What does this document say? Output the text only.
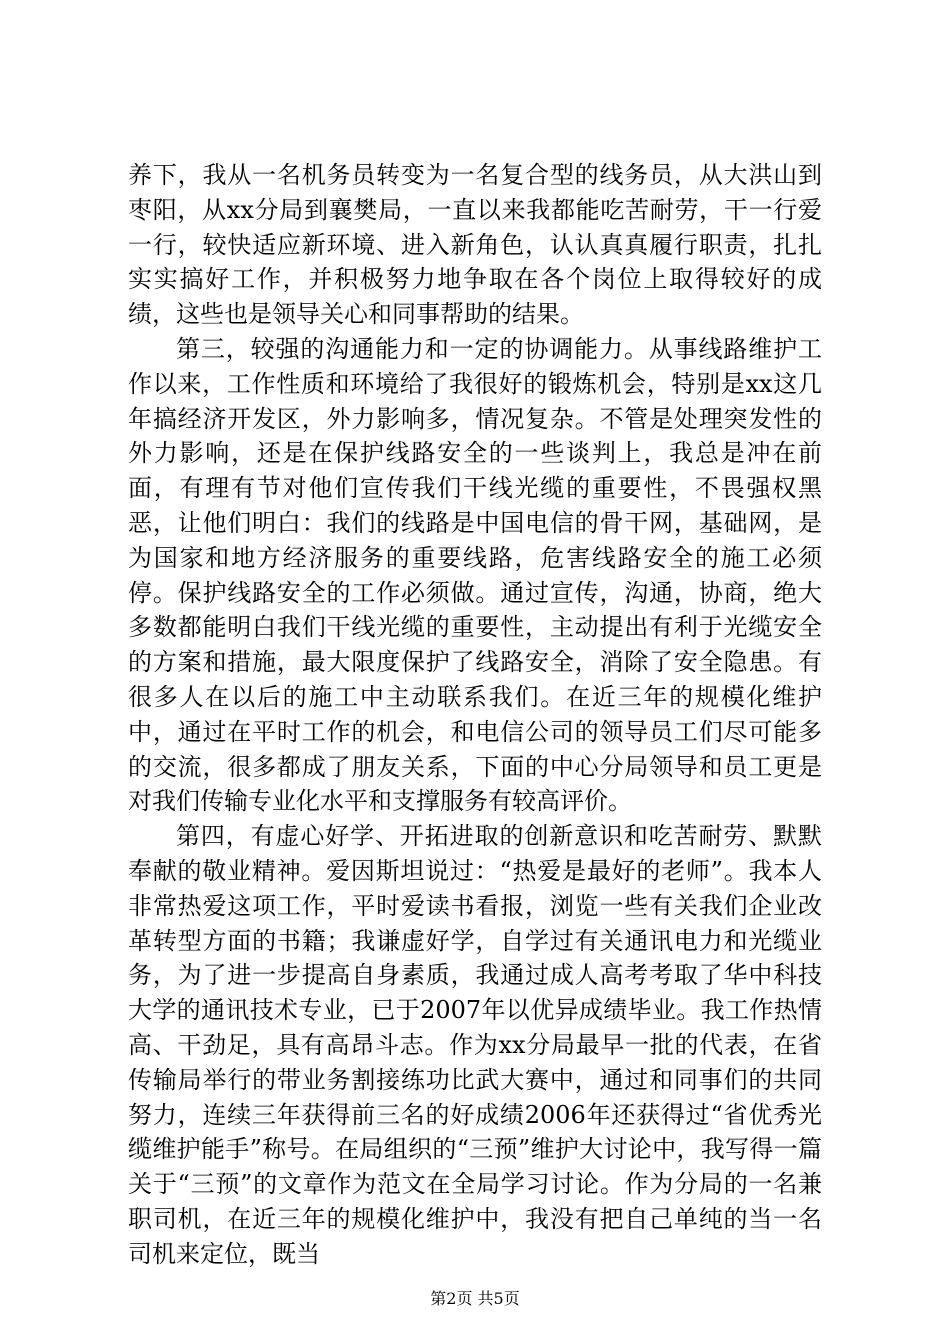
养下，我从一名机务员转变为一名复合型的线务员，从大洪山到枣阳，从xx分局到襄樊局，一直以来我都能吃苦耐劳，干一行爱一行，较快适应新环境、进入新角色，认认真真履行职责，扎扎实实搞好工作，并积极努力地争取在各个岗位上取得较好的成绩，这些也是领导关心和同事帮助的结果。

第三，较强的沟通能力和一定的协调能力。从事线路维护工作以来，工作性质和环境给了我很好的锻炼机会，特别是xx这几年搞经济开发区，外力影响多，情况复杂。不管是处理突发性的外力影响，还是在保护线路安全的一些谈判上，我总是冲在前面，有理有节对他们宣传我们干线光缆的重要性，不畏强权黑恶，让他们明白：我们的线路是中国电信的骨干网，基础网，是为国家和地方经济服务的重要线路，危害线路安全的施工必须停。保护线路安全的工作必须做。通过宣传，沟通，协商，绝大多数都能明白我们干线光缆的重要性，主动提出有利于光缆安全的方案和措施，最大限度保护了线路安全，消除了安全隐患。有很多人在以后的施工中主动联系我们。在近三年的规模化维护中，通过在平时工作的机会，和电信公司的领导员工们尽可能多的交流，很多都成了朋友关系，下面的中心分局领导和员工更是对我们传输专业化水平和支撑服务有较高评价。

第四，有虚心好学、开拓进取的创新意识和吃苦耐劳、默默奉献的敬业精神。爱因斯坦说过：“热爱是最好的老师”。我本人非常热爱这项工作，平时爱读书看报，浏览一些有关我们企业改革转型方面的书籍；我谦虚好学，自学过有关通讯电力和光缆业务，为了进一步提高自身素质，我通过成人高考考取了华中科技大学的通讯技术专业，已于2007年以优异成绩毕业。我工作热情高、干劲足，具有高昂斗志。作为xx分局最早一批的代表，在省传输局举行的带业务割接练功比武大赛中，通过和同事们的共同努力，连续三年获得前三名的好成绩2006年还获得过“省优秀光缆维护能手”称号。在局组织的“三预”维护大讨论中，我写得一篇关于“三预”的文章作为范文在全局学习讨论。作为分局的一名兼职司机，在近三年的规模化维护中，我没有把自己单纯的当一名司机来定位，既当

第2页 共5页
